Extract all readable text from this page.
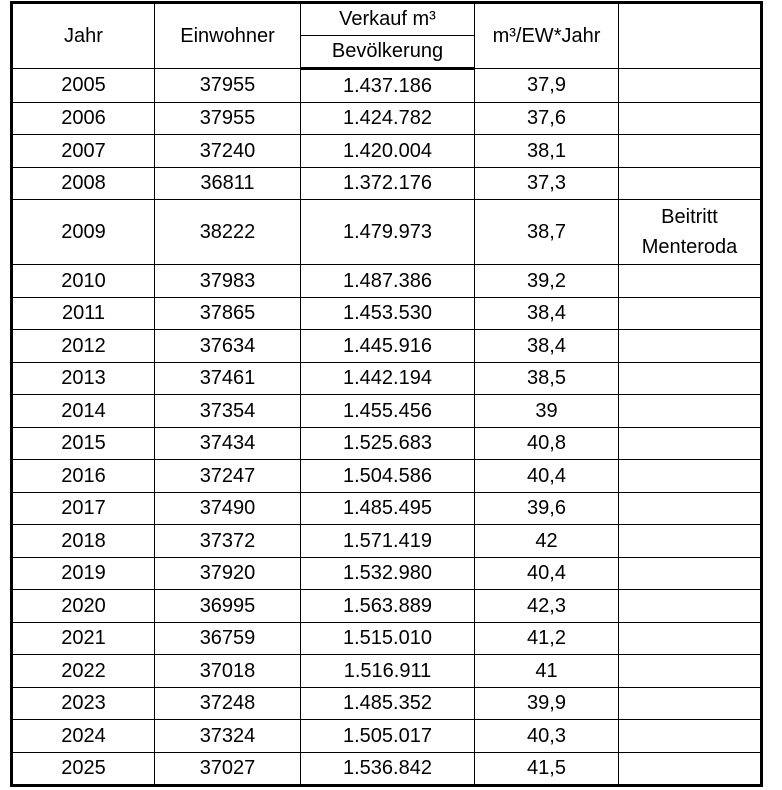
Jahr	Einwohner	Verkauf m³	m³/EW*Jahr	
		Bevölkerung		
2005	37955	1.437.186	37,9	
2006	37955	1.424.782	37,6	
2007	37240	1.420.004	38,1	
2008	36811	1.372.176	37,3	
2009	38222	1.479.973	38,7	Beitritt Menteroda
2010	37983	1.487.386	39,2	
2011	37865	1.453.530	38,4	
2012	37634	1.445.916	38,4	
2013	37461	1.442.194	38,5	
2014	37354	1.455.456	39	
2015	37434	1.525.683	40,8	
2016	37247	1.504.586	40,4	
2017	37490	1.485.495	39,6	
2018	37372	1.571.419	42	
2019	37920	1.532.980	40,4	
2020	36995	1.563.889	42,3	
2021	36759	1.515.010	41,2	
2022	37018	1.516.911	41	
2023	37248	1.485.352	39,9	
2024	37324	1.505.017	40,3	
2025	37027	1.536.842	41,5	
